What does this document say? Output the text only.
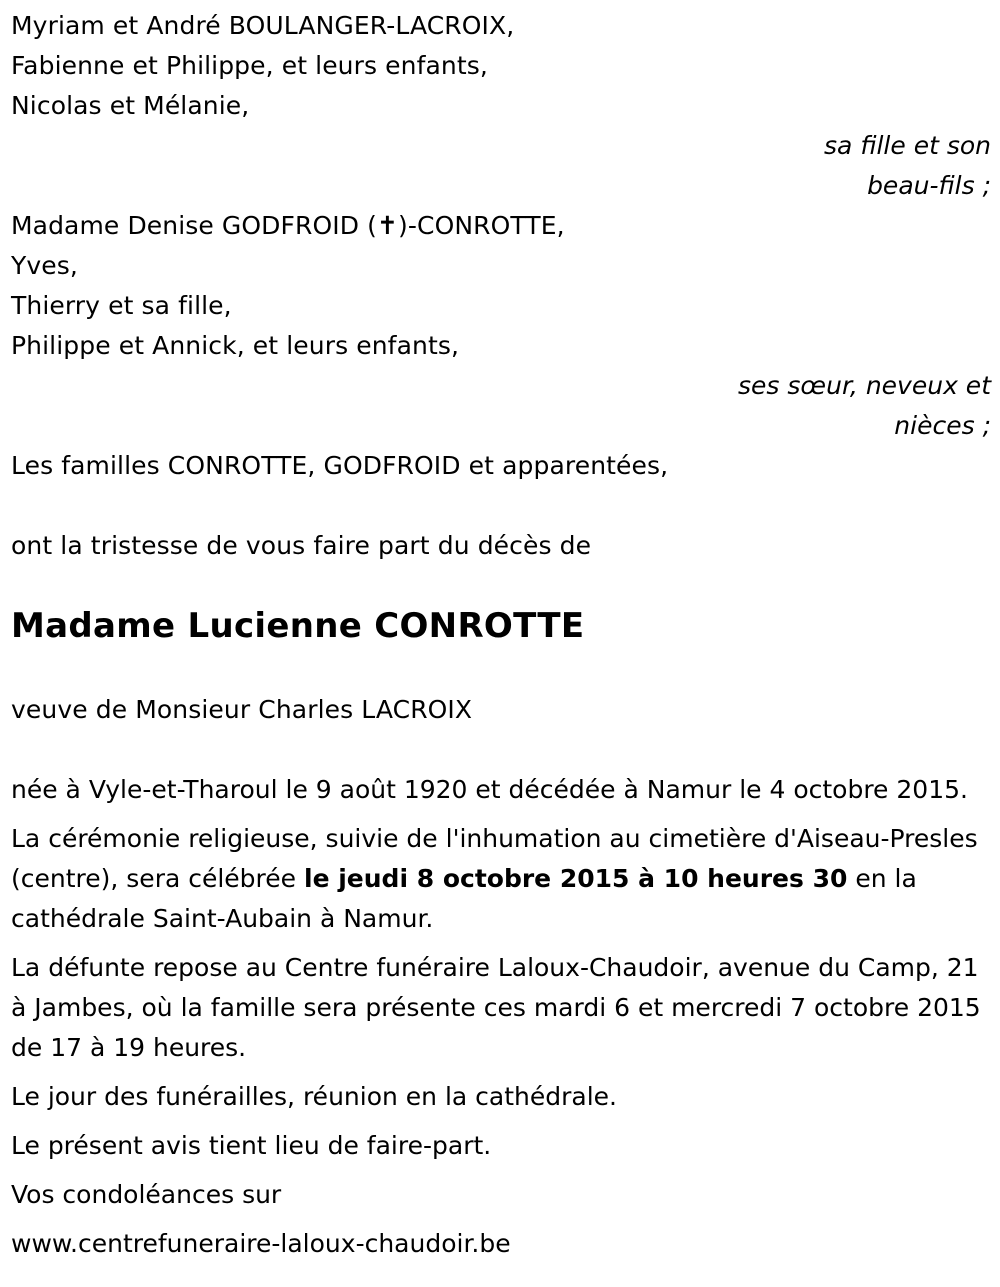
Myriam et André BOULANGER-LACROIX,
Fabienne et Philippe, et leurs enfants,
Nicolas et Mélanie,
sa fille et son
beau-fils ;
Madame Denise GODFROID (✝)-CONROTTE,
Yves,
Thierry et sa fille,
Philippe et Annick, et leurs enfants,
ses sœur, neveux et
nièces ;
Les familles CONROTTE, GODFROID et apparentées,
ont la tristesse de vous faire part du décès de
Madame Lucienne CONROTTE
veuve de Monsieur Charles LACROIX
née à Vyle-et-Tharoul le 9 août 1920 et décédée à Namur le 4 octobre 2015.
La cérémonie religieuse, suivie de l'inhumation au cimetière d'Aiseau-Presles (centre), sera célébrée le jeudi 8 octobre 2015 à 10 heures 30 en la cathédrale Saint-Aubain à Namur.
La défunte repose au Centre funéraire Laloux-Chaudoir, avenue du Camp, 21 à Jambes, où la famille sera présente ces mardi 6 et mercredi 7 octobre 2015 de 17 à 19 heures.
Le jour des funérailles, réunion en la cathédrale.
Le présent avis tient lieu de faire-part.
Vos condoléances sur
www.centrefuneraire-laloux-chaudoir.be
